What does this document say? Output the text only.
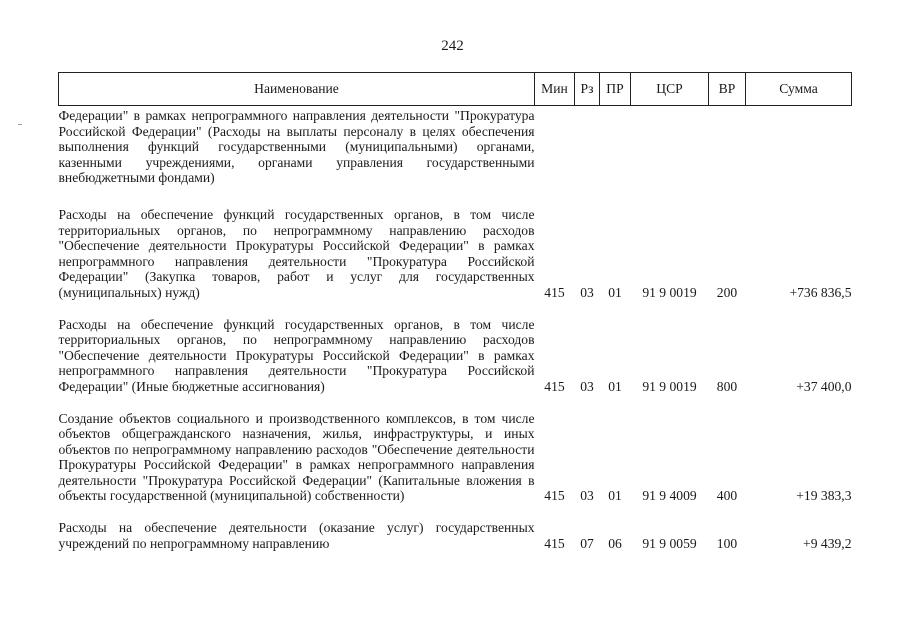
242
Наименование	Мин	Рз	ПР	ЦСР	ВР	Сумма
Федерации" в рамках непрограммного направления деятельности "Прокуратура Российской Федерации" (Расходы на выплаты персоналу в целях обеспечения выполнения функций государственными (муниципальными) органами, казенными учреждениями, органами управления государственными внебюджетными фондами)						

Расходы на обеспечение функций государственных органов, в том числе территориальных органов, по непрограммному направлению расходов "Обеспечение деятельности Прокуратуры Российской Федерации" в рамках непрограммного направления деятельности "Прокуратура Российской Федерации" (Закупка товаров, работ и услуг для государственных (муниципальных) нужд)	415	03	01	91 9 0019	200	+736 836,5

Расходы на обеспечение функций государственных органов, в том числе территориальных органов, по непрограммному направлению расходов "Обеспечение деятельности Прокуратуры Российской Федерации" в рамках непрограммного направления деятельности "Прокуратура Российской Федерации" (Иные бюджетные ассигнования)	415	03	01	91 9 0019	800	+37 400,0

Создание объектов социального и производственного комплексов, в том числе объектов общегражданского назначения, жилья, инфраструктуры, и иных объектов по непрограммному направлению расходов "Обеспечение деятельности Прокуратуры Российской Федерации" в рамках непрограммного направления деятельности "Прокуратура Российской Федерации" (Капитальные вложения в объекты государственной (муниципальной) собственности)	415	03	01	91 9 4009	400	+19 383,3

Расходы на обеспечение деятельности (оказание услуг) государственных учреждений по непрограммному направлению	415	07	06	91 9 0059	100	+9 439,2
